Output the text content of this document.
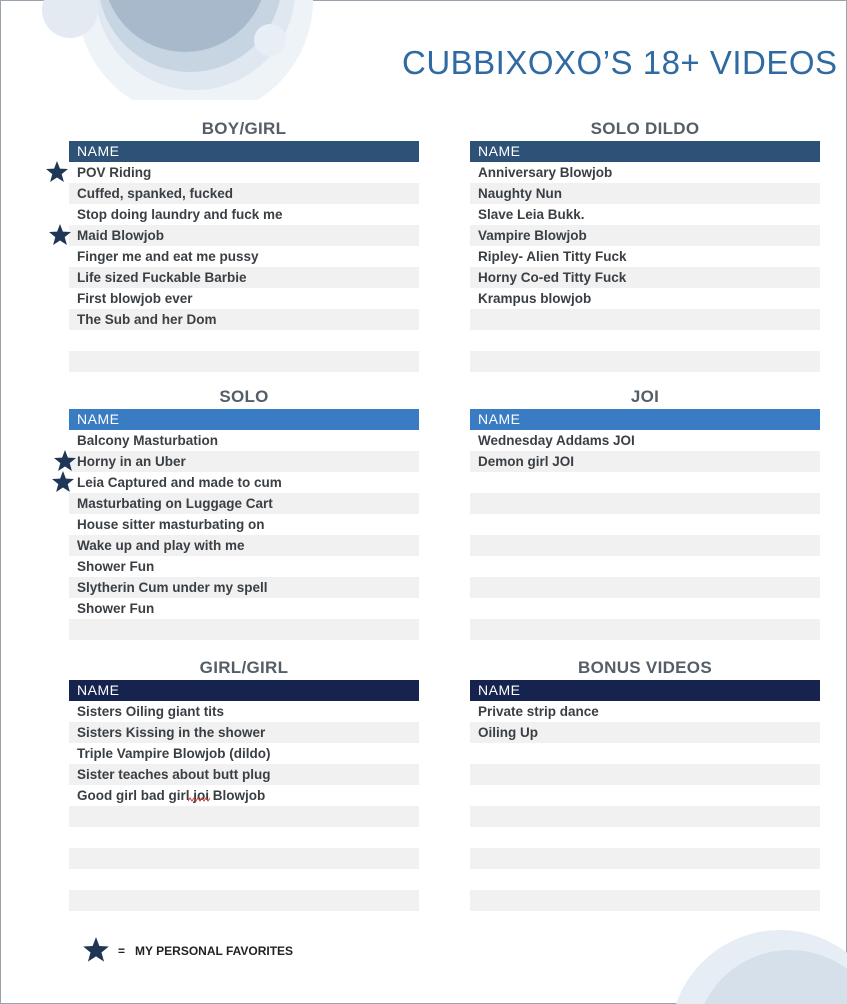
CUBBIXOXO’S 18+ VIDEOS
BOY/GIRL
NAME
POV Riding
Cuffed, spanked, fucked
Stop doing laundry and fuck me
Maid Blowjob
Finger me and eat me pussy
Life sized Fuckable Barbie
First blowjob ever
The Sub and her Dom
SOLO DILDO
NAME
Anniversary Blowjob
Naughty Nun
Slave Leia Bukk.
Vampire Blowjob
Ripley- Alien Titty Fuck
Horny Co-ed Titty Fuck
Krampus blowjob
SOLO
NAME
Balcony Masturbation
Horny in an Uber
Leia Captured and made to cum
Masturbating on Luggage Cart
House sitter masturbating on
Wake up and play with me
Shower Fun
Slytherin Cum under my spell
Shower Fun
JOI
NAME
Wednesday Addams JOI
Demon girl JOI
GIRL/GIRL
NAME
Sisters Oiling giant tits
Sisters Kissing in the shower
Triple Vampire Blowjob (dildo)
Sister teaches about butt plug
Good girl bad girl joi Blowjob
BONUS VIDEOS
NAME
Private strip dance
Oiling Up
= MY PERSONAL FAVORITES
